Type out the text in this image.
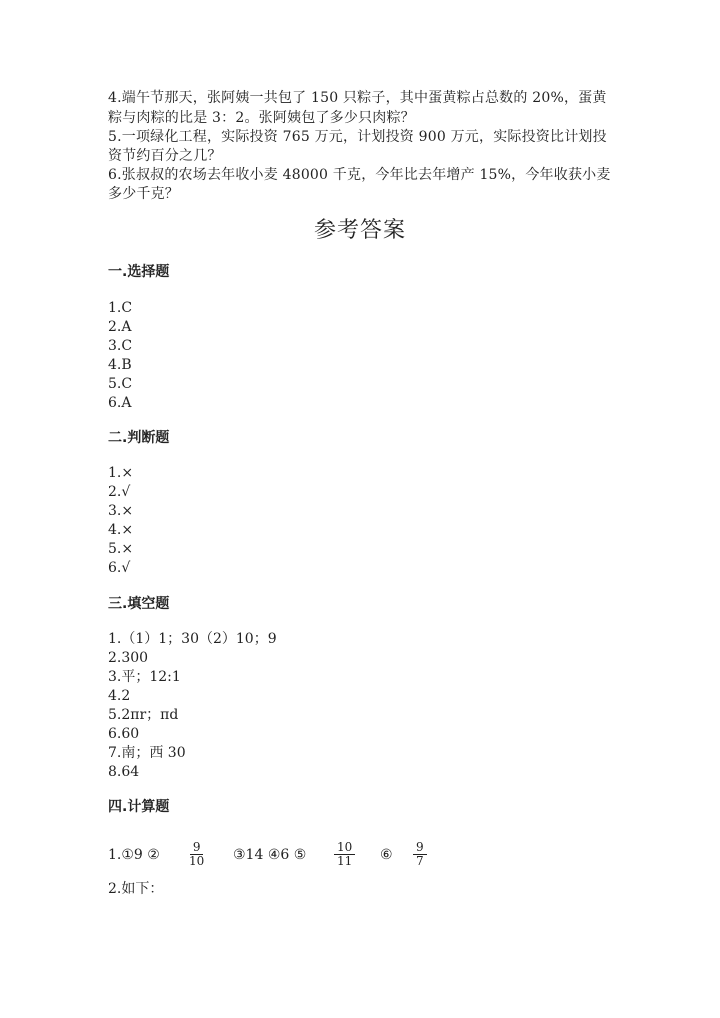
4.端午节那天，张阿姨一共包了 150 只粽子，其中蛋黄粽占总数的 20%，蛋黄
粽与肉粽的比是 3：2。张阿姨包了多少只肉粽？
5.一项绿化工程，实际投资 765 万元，计划投资 900 万元，实际投资比计划投
资节约百分之几？
6.张叔叔的农场去年收小麦 48000 千克，今年比去年增产 15%，今年收获小麦
多少千克？
参考答案
一.选择题
1.C
2.A
3.C
4.B
5.C
6.A
二.判断题
1.×
2.√
3.×
4.×
5.×
6.√
三.填空题
1.（1）1；30（2）10；9
2.300
3.平；12:1
4.2
5.2πr；πd
6.60
7.南；西 30
8.64
四.计算题
1.①9 ② $\frac{9}{10}$ ③14 ④6 ⑤ $\frac{10}{11}$ ⑥ $\frac{9}{7}$
2.如下：
